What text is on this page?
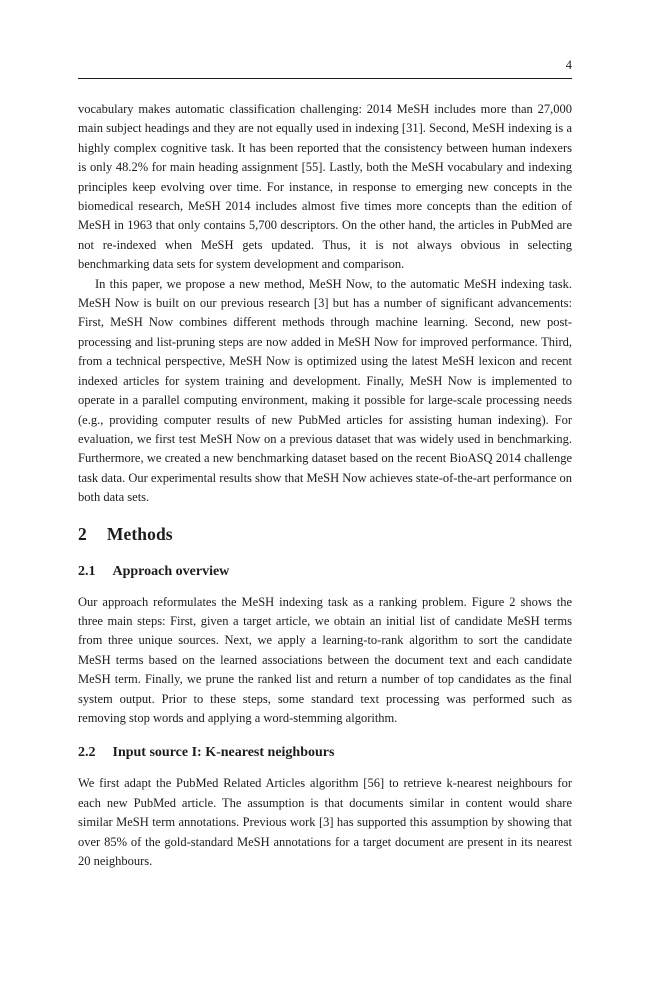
4

vocabulary makes automatic classification challenging: 2014 MeSH includes more than 27,000 main subject headings and they are not equally used in indexing [31]. Second, MeSH indexing is a highly complex cognitive task. It has been reported that the consistency between human indexers is only 48.2% for main heading assignment [55]. Lastly, both the MeSH vocabulary and indexing principles keep evolving over time. For instance, in response to emerging new concepts in the biomedical research, MeSH 2014 includes almost five times more concepts than the edition of MeSH in 1963 that only contains 5,700 descriptors. On the other hand, the articles in PubMed are not re-indexed when MeSH gets updated. Thus, it is not always obvious in selecting benchmarking data sets for system development and comparison.

In this paper, we propose a new method, MeSH Now, to the automatic MeSH indexing task. MeSH Now is built on our previous research [3] but has a number of significant advancements: First, MeSH Now combines different methods through machine learning. Second, new post-processing and list-pruning steps are now added in MeSH Now for improved performance. Third, from a technical perspective, MeSH Now is optimized using the latest MeSH lexicon and recent indexed articles for system training and development. Finally, MeSH Now is implemented to operate in a parallel computing environment, making it possible for large-scale processing needs (e.g., providing computer results of new PubMed articles for assisting human indexing). For evaluation, we first test MeSH Now on a previous dataset that was widely used in benchmarking. Furthermore, we created a new benchmarking dataset based on the recent BioASQ 2014 challenge task data. Our experimental results show that MeSH Now achieves state-of-the-art performance on both data sets.

2 Methods
2.1 Approach overview

Our approach reformulates the MeSH indexing task as a ranking problem. Figure 2 shows the three main steps: First, given a target article, we obtain an initial list of candidate MeSH terms from three unique sources. Next, we apply a learning-to-rank algorithm to sort the candidate MeSH terms based on the learned associations between the document text and each candidate MeSH term. Finally, we prune the ranked list and return a number of top candidates as the final system output. Prior to these steps, some standard text processing was performed such as removing stop words and applying a word-stemming algorithm.

2.2 Input source I: K-nearest neighbours

We first adapt the PubMed Related Articles algorithm [56] to retrieve k-nearest neighbours for each new PubMed article. The assumption is that documents similar in content would share similar MeSH term annotations. Previous work [3] has supported this assumption by showing that over 85% of the gold-standard MeSH annotations for a target document are present in its nearest 20 neighbours.
